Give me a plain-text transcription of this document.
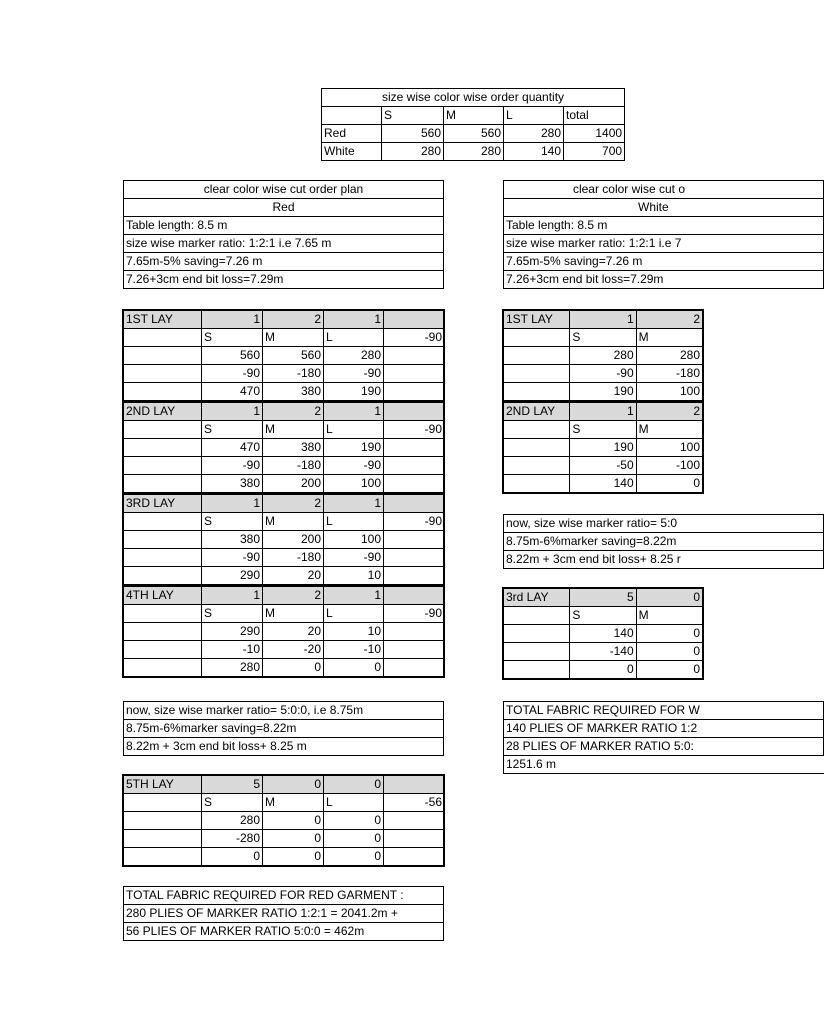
size wise color wise order quantity				
	S	M	L	total
Red	560	560	280	1400
White	280	280	140	700
clear color wise cut order plan
Red
Table length: 8.5 m
size wise marker ratio: 1:2:1 i.e 7.65 m
7.65m-5% saving=7.26 m
7.26+3cm end bit loss=7.29m
clear color wise cut o
White
Table length: 8.5 m
size wise marker ratio: 1:2:1 i.e 7
7.65m-5% saving=7.26 m
7.26+3cm end bit loss=7.29m
1ST LAY	1	2	1	
	S	M	L	-90
	560	560	280	
	-90	-180	-90	
	470	380	190	
2ND LAY	1	2	1	
	S	M	L	-90
	470	380	190	
	-90	-180	-90	
	380	200	100	
3RD LAY	1	2	1	
	S	M	L	-90
	380	200	100	
	-90	-180	-90	
	290	20	10	
4TH LAY	1	2	1	
	S	M	L	-90
	290	20	10	
	-10	-20	-10	
	280	0	0	
now, size wise marker ratio= 5:0:0, i.e 8.75m
8.75m-6%marker saving=8.22m
8.22m + 3cm end bit loss+ 8.25 m
5TH LAY	5	0	0	
	S	M	L	-56
	280	0	0	
	-280	0	0	
	0	0	0	
TOTAL FABRIC REQUIRED FOR RED GARMENT :
280 PLIES OF MARKER RATIO 1:2:1 = 2041.2m +
56 PLIES OF MARKER RATIO 5:0:0 = 462m
1ST LAY	1	2
	S	M
	280	280
	-90	-180
	190	100
2ND LAY	1	2
	S	M
	190	100
	-50	-100
	140	0
now, size wise marker ratio= 5:0
8.75m-6%marker saving=8.22m
8.22m + 3cm end bit loss+ 8.25 r
3rd LAY	5	0
	S	M
	140	0
	-140	0
	0	0
TOTAL FABRIC REQUIRED FOR W
140 PLIES OF MARKER RATIO 1:2
28 PLIES OF MARKER RATIO 5:0:
1251.6 m
